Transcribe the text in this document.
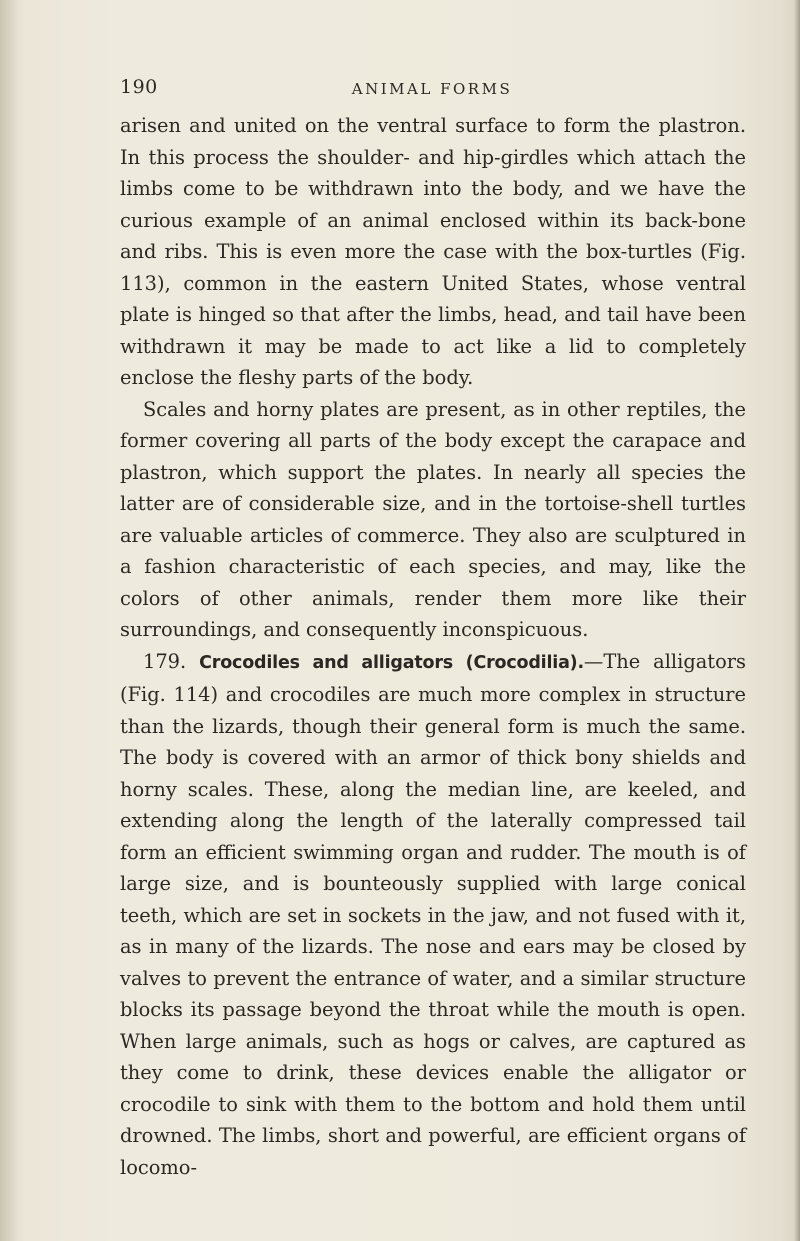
190	ANIMAL FORMS

arisen and united on the ventral surface to form the plastron. In this process the shoulder- and hip-girdles which attach the limbs come to be withdrawn into the body, and we have the curious example of an animal enclosed within its back-bone and ribs. This is even more the case with the box-turtles (Fig. 113), common in the eastern United States, whose ventral plate is hinged so that after the limbs, head, and tail have been withdrawn it may be made to act like a lid to completely enclose the fleshy parts of the body.

Scales and horny plates are present, as in other reptiles, the former covering all parts of the body except the carapace and plastron, which support the plates. In nearly all species the latter are of considerable size, and in the tortoise-shell turtles are valuable articles of commerce. They also are sculptured in a fashion characteristic of each species, and may, like the colors of other animals, render them more like their surroundings, and consequently inconspicuous.

179. Crocodiles and alligators (Crocodilia).—The alligators (Fig. 114) and crocodiles are much more complex in structure than the lizards, though their general form is much the same. The body is covered with an armor of thick bony shields and horny scales. These, along the median line, are keeled, and extending along the length of the laterally compressed tail form an efficient swimming organ and rudder. The mouth is of large size, and is bounteously supplied with large conical teeth, which are set in sockets in the jaw, and not fused with it, as in many of the lizards. The nose and ears may be closed by valves to prevent the entrance of water, and a similar structure blocks its passage beyond the throat while the mouth is open. When large animals, such as hogs or calves, are captured as they come to drink, these devices enable the alligator or crocodile to sink with them to the bottom and hold them until drowned. The limbs, short and powerful, are efficient organs of locomo-
